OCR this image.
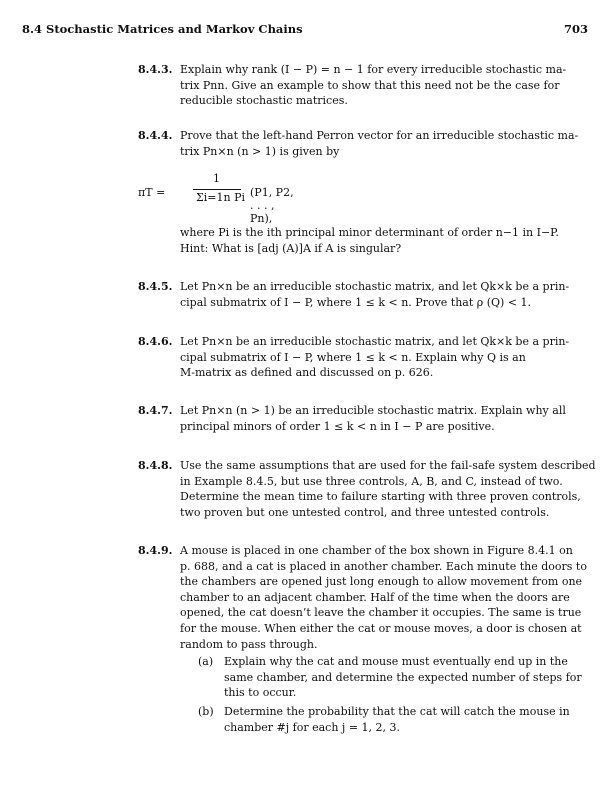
8.4 Stochastic Matrices and Markov Chains	703
8.4.3. Explain why rank (I − P) = n − 1 for every irreducible stochastic ma-
trix Pnn. Give an example to show that this need not be the case for
reducible stochastic matrices.
8.4.4. Prove that the left-hand Perron vector for an irreducible stochastic ma-
trix Pn×n (n > 1) is given by
πT =
1
Σi=1n Pi (P1, P2, . . . , Pn),
where Pi is the ith principal minor determinant of order n−1 in I−P.
Hint: What is [adj (A)]A if A is singular?
8.4.5. Let Pn×n be an irreducible stochastic matrix, and let Qk×k be a prin-
cipal submatrix of I − P, where 1 ≤ k < n. Prove that ρ (Q) < 1.
8.4.6. Let Pn×n be an irreducible stochastic matrix, and let Qk×k be a prin-
cipal submatrix of I − P, where 1 ≤ k < n. Explain why Q is an
M-matrix as defined and discussed on p. 626.
8.4.7. Let Pn×n (n > 1) be an irreducible stochastic matrix. Explain why all
principal minors of order 1 ≤ k < n in I − P are positive.
8.4.8. Use the same assumptions that are used for the fail-safe system described
in Example 8.4.5, but use three controls, A, B, and C, instead of two.
Determine the mean time to failure starting with three proven controls,
two proven but one untested control, and three untested controls.
8.4.9. A mouse is placed in one chamber of the box shown in Figure 8.4.1 on
p. 688, and a cat is placed in another chamber. Each minute the doors to
the chambers are opened just long enough to allow movement from one
chamber to an adjacent chamber. Half of the time when the doors are
opened, the cat doesn’t leave the chamber it occupies. The same is true
for the mouse. When either the cat or mouse moves, a door is chosen at
random to pass through.
(a) Explain why the cat and mouse must eventually end up in the
same chamber, and determine the expected number of steps for
this to occur.
(b) Determine the probability that the cat will catch the mouse in
chamber #j for each j = 1, 2, 3.
